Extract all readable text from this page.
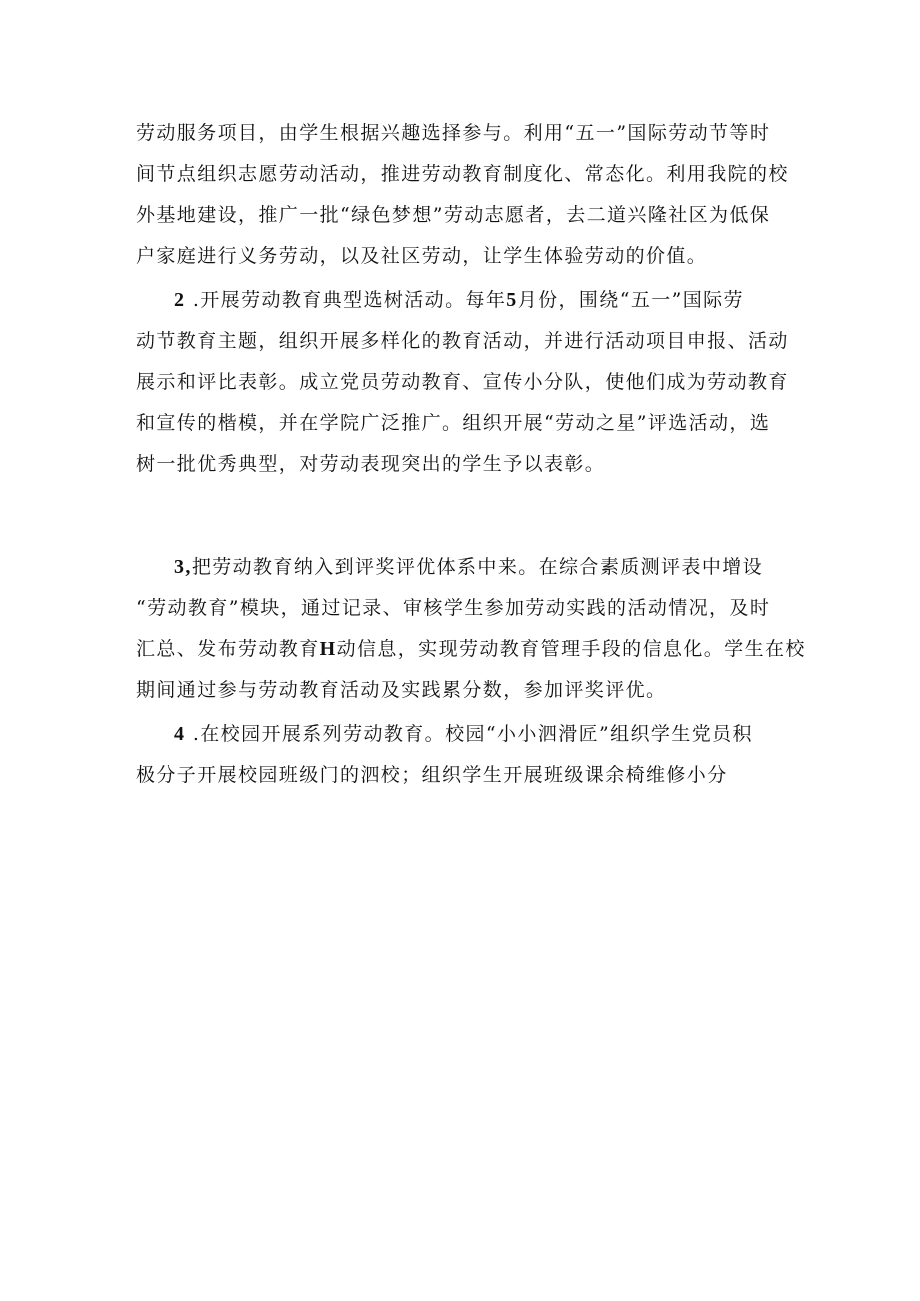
劳动服务项目，由学生根据兴趣选择参与。利用“五一”国际劳动节等时
间节点组织志愿劳动活动，推进劳动教育制度化、常态化。利用我院的校
外基地建设，推广一批“绿色梦想”劳动志愿者，去二道兴隆社区为低保
户家庭进行义务劳动，以及社区劳动，让学生体验劳动的价值。
2 .开展劳动教育典型选树活动。每年5月份，围绕“五一”国际劳
动节教育主题，组织开展多样化的教育活动，并进行活动项目申报、活动
展示和评比表彰。成立党员劳动教育、宣传小分队，使他们成为劳动教育
和宣传的楷模，并在学院广泛推广。组织开展“劳动之星”评选活动，选
树一批优秀典型，对劳动表现突出的学生予以表彰。
3,把劳动教育纳入到评奖评优体系中来。在综合素质测评表中增设
“劳动教育”模块，通过记录、审核学生参加劳动实践的活动情况，及时
汇总、发布劳动教育H动信息，实现劳动教育管理手段的信息化。学生在校
期间通过参与劳动教育活动及实践累分数，参加评奖评优。
4 .在校园开展系列劳动教育。校园“小小泗滑匠”组织学生党员积
极分子开展校园班级门的泗校；组织学生开展班级课余椅维修小分
